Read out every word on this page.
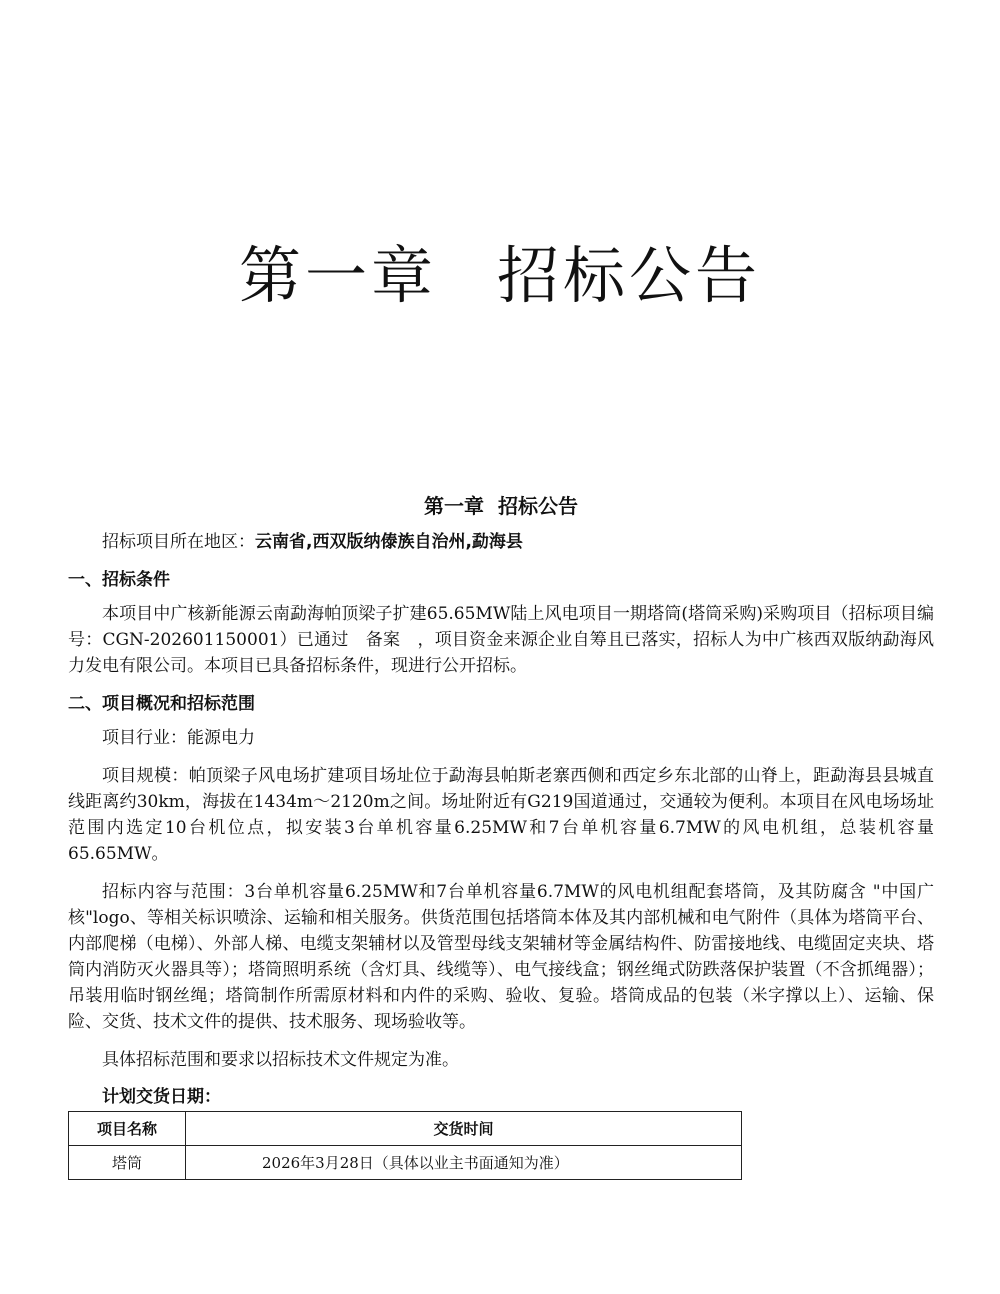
第一章 招标公告
第一章 招标公告

招标项目所在地区：云南省,西双版纳傣族自治州,勐海县

一、招标条件

本项目中广核新能源云南勐海帕顶梁子扩建65.65MW陆上风电项目一期塔筒(塔筒采购)采购项目（招标项目编号：CGN-202601150001）已通过　备案　，项目资金来源企业自筹且已落实，招标人为中广核西双版纳勐海风力发电有限公司。本项目已具备招标条件，现进行公开招标。

二、项目概况和招标范围

项目行业：能源电力

项目规模：帕顶梁子风电场扩建项目场址位于勐海县帕斯老寨西侧和西定乡东北部的山脊上，距勐海县县城直线距离约30km，海拔在1434m～2120m之间。场址附近有G219国道通过，交通较为便利。本项目在风电场场址范围内选定10台机位点，拟安装3台单机容量6.25MW和7台单机容量6.7MW的风电机组，总装机容量65.65MW。

招标内容与范围：3台单机容量6.25MW和7台单机容量6.7MW的风电机组配套塔筒，及其防腐含 "中国广核"logo、等相关标识喷涂、运输和相关服务。供货范围包括塔筒本体及其内部机械和电气附件（具体为塔筒平台、内部爬梯（电梯）、外部人梯、电缆支架辅材以及管型母线支架辅材等金属结构件、防雷接地线、电缆固定夹块、塔筒内消防灭火器具等）；塔筒照明系统（含灯具、线缆等）、电气接线盒；钢丝绳式防跌落保护装置（不含抓绳器）；吊装用临时钢丝绳；塔筒制作所需原材料和内件的采购、验收、复验。塔筒成品的包装（米字撑以上）、运输、保险、交货、技术文件的提供、技术服务、现场验收等。

具体招标范围和要求以招标技术文件规定为准。

计划交货日期：
项目名称	交货时间
塔筒	2026年3月28日（具体以业主书面通知为准）
